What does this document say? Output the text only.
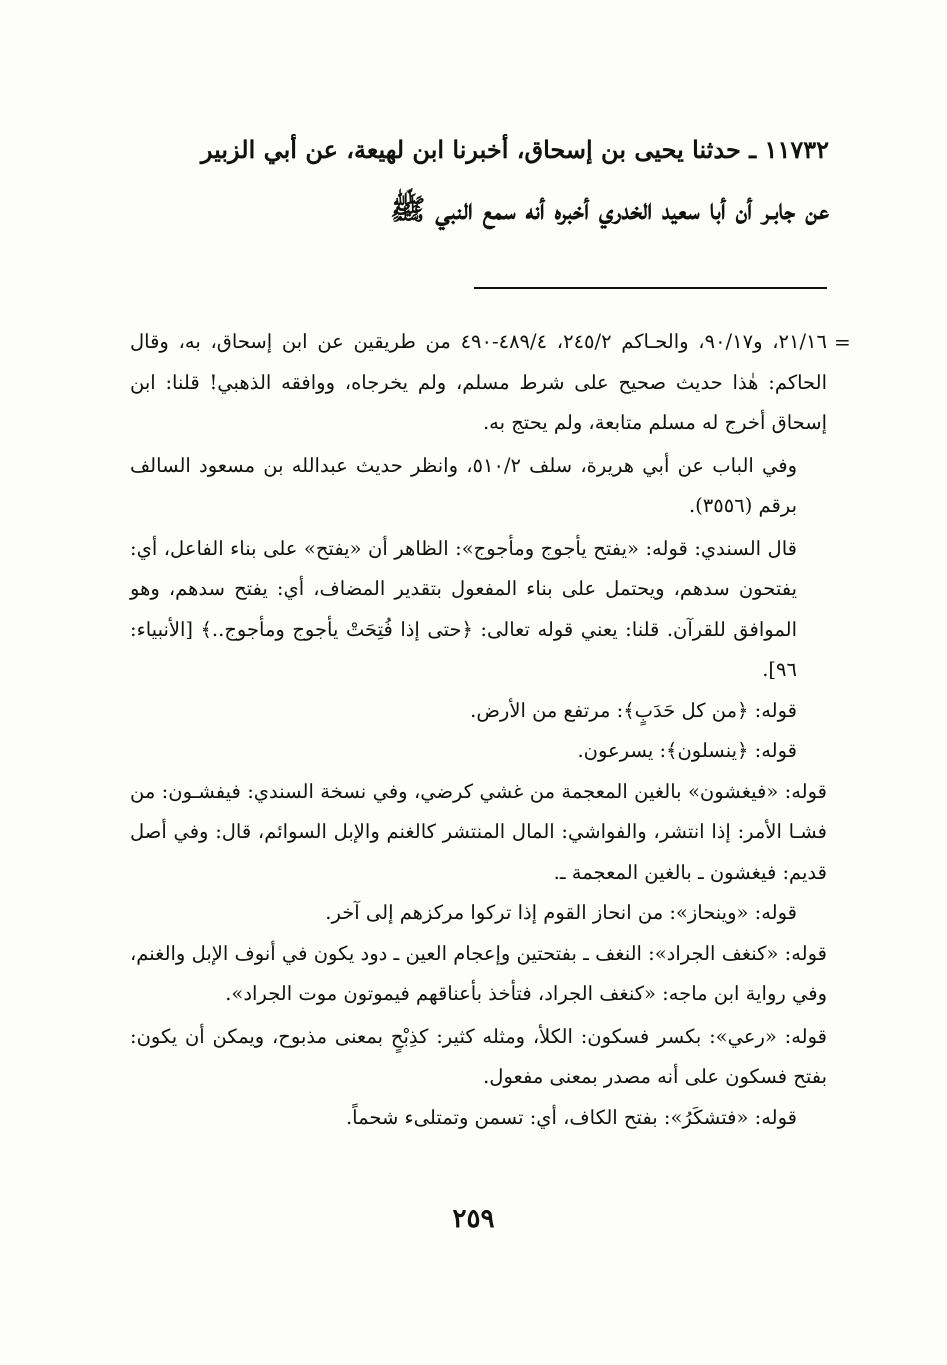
١١٧٣٢ ـ حدثنا يحيى بن إسحاق، أخبرنا ابن لهيعة، عن أبي الزبير

عن جابـر أن أبا سعيد الخدري أخبره أنه سمع النبي ﷺ

=

٢١/١٦، و٩٠/١٧، والحـاكم ٢٤٥/٢، ٤٨٩/٤-٤٩٠ من طريقين عن ابن إسحاق، به، وقال الحاكم: هٰذا حديث صحيح على شرط مسلم، ولم يخرجاه، ووافقه الذهبي! قلنا: ابن إسحاق أخرج له مسلم متابعة، ولم يحتج به.

وفي الباب عن أبي هريرة، سلف ٥١٠/٢، وانظر حديث عبدالله بن مسعود السالف برقم (٣٥٥٦).

قال السندي: قوله: «يفتح يأجوج ومأجوج»: الظاهر أن «يفتح» على بناء الفاعل، أي: يفتحون سدهم، ويحتمل على بناء المفعول بتقدير المضاف، أي: يفتح سدهم، وهو الموافق للقرآن. قلنا: يعني قوله تعالى: ﴿حتى إذا فُتِحَتْ يأجوج ومأجوج..﴾ [الأنبياء: ٩٦].

قوله: ﴿من كل حَدَبٍ﴾: مرتفع من الأرض.

قوله: ﴿ينسلون﴾: يسرعون.

قوله: «فيغشون» بالغين المعجمة من غشي كرضي، وفي نسخة السندي: فيفشـون: من فشـا الأمر: إذا انتشر، والفواشي: المال المنتشر كالغنم والإبل السوائم، قال: وفي أصل قديم: فيغشون ـ بالغين المعجمة ـ.

قوله: «وينحاز»: من انحاز القوم إذا تركوا مركزهم إلى آخر.

قوله: «كنغف الجراد»: النغف ـ بفتحتين وإعجام العين ـ دود يكون في أنوف الإبل والغنم، وفي رواية ابن ماجه: «كنغف الجراد، فتأخذ بأعناقهم فيموتون موت الجراد».

قوله: «رعي»: بكسر فسكون: الكلأ، ومثله كثير: كذِبْحٍ بمعنى مذبوح، ويمكن أن يكون: بفتح فسكون على أنه مصدر بمعنى مفعول.

قوله: «فتشكَرُ»: بفتح الكاف، أي: تسمن وتمتلىء شحماً.

٢٥٩
